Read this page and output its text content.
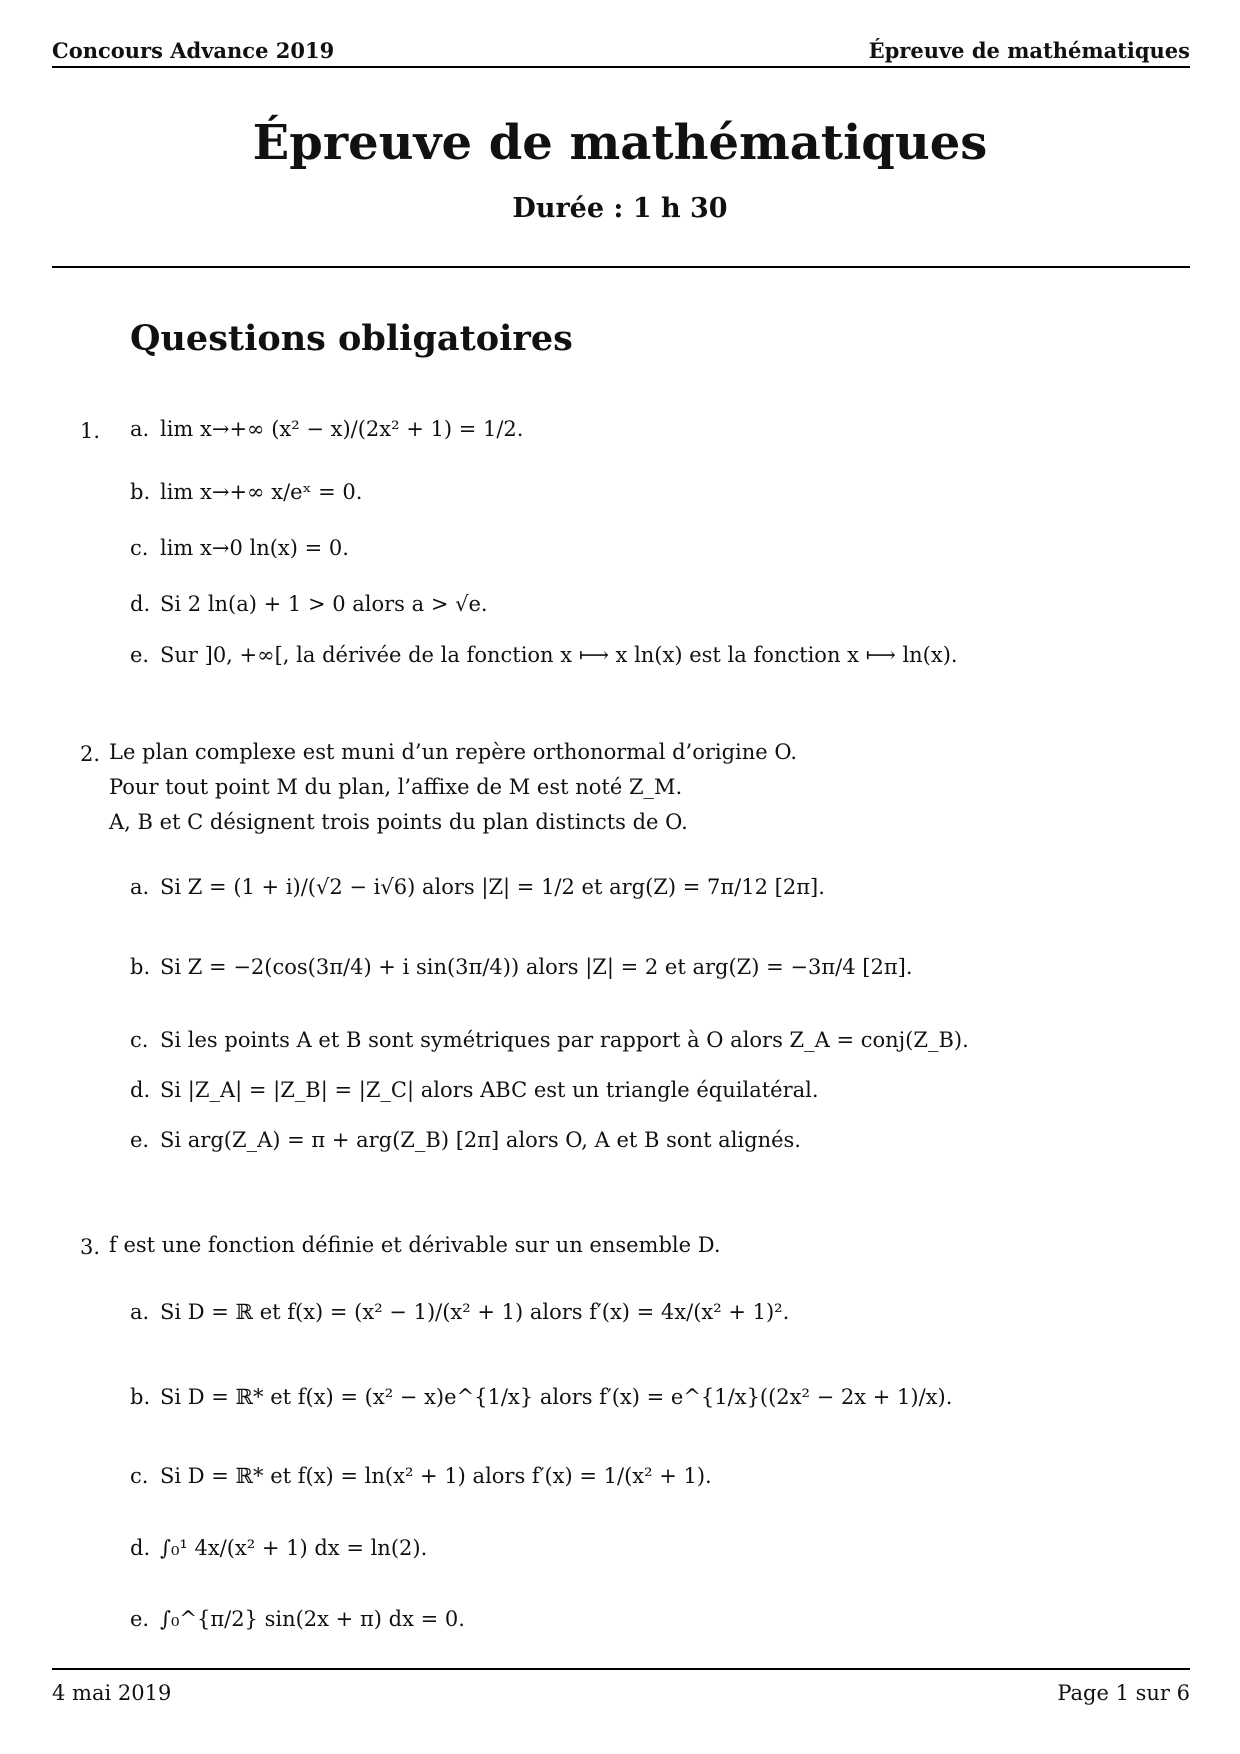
Concours Advance 2019	Épreuve de mathématiques
Épreuve de mathématiques
Durée : 1 h 30
Questions obligatoires
1. a. lim x→+∞ (x² − x)/(2x² + 1) = 1/2.
b. lim x→+∞ x/eˣ = 0.
c. lim x→0 ln(x) = 0.
d. Si 2 ln(a) + 1 > 0 alors a > √e.
e. Sur ]0, +∞[, la dérivée de la fonction x ⟼ x ln(x) est la fonction x ⟼ ln(x).
2. Le plan complexe est muni d’un repère orthonormal d’origine O.
Pour tout point M du plan, l’affixe de M est noté Z_M.
A, B et C désignent trois points du plan distincts de O.
a. Si Z = (1 + i)/(√2 − i√6) alors |Z| = 1/2 et arg(Z) = 7π/12 [2π].
b. Si Z = −2(cos(3π/4) + i sin(3π/4)) alors |Z| = 2 et arg(Z) = −3π/4 [2π].
c. Si les points A et B sont symétriques par rapport à O alors Z_A = conj(Z_B).
d. Si |Z_A| = |Z_B| = |Z_C| alors ABC est un triangle équilatéral.
e. Si arg(Z_A) = π + arg(Z_B) [2π] alors O, A et B sont alignés.
3. f est une fonction définie et dérivable sur un ensemble D.
a. Si D = ℝ et f(x) = (x² − 1)/(x² + 1) alors f′(x) = 4x/(x² + 1)².
b. Si D = ℝ* et f(x) = (x² − x)e^{1/x} alors f′(x) = e^{1/x}((2x² − 2x + 1)/x).
c. Si D = ℝ* et f(x) = ln(x² + 1) alors f′(x) = 1/(x² + 1).
d. ∫₀¹ 4x/(x² + 1) dx = ln(2).
e. ∫₀^{π/2} sin(2x + π) dx = 0.
4 mai 2019	Page 1 sur 6
